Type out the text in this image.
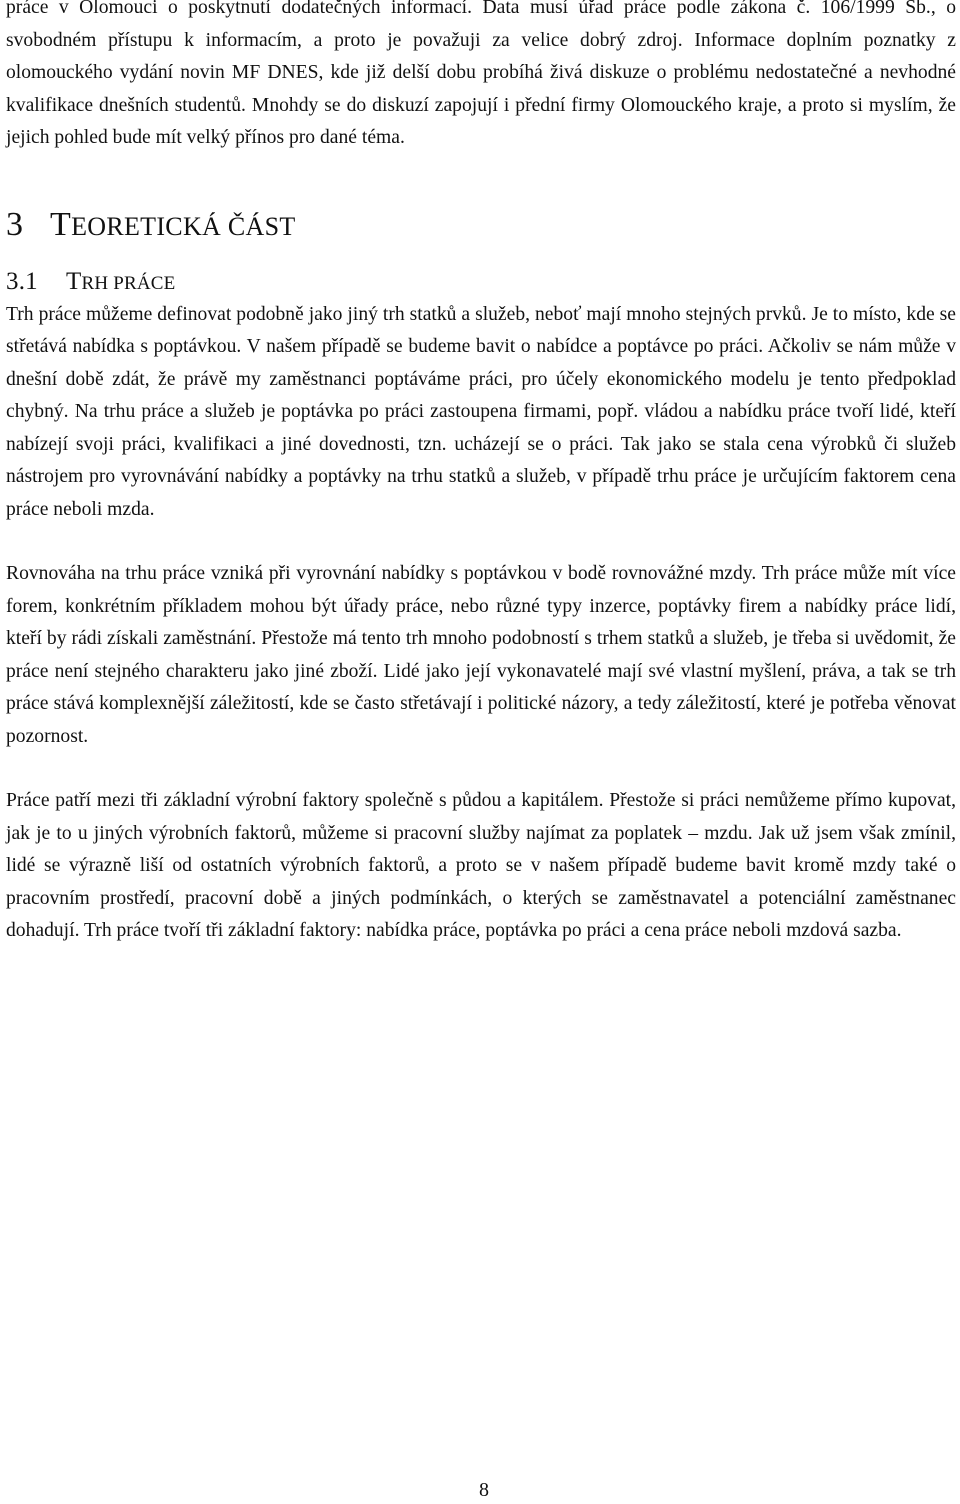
práce v Olomouci o poskytnutí dodatečných informací. Data musí úřad práce podle zákona č. 106/1999 Sb., o svobodném přístupu k informacím, a proto je považuji za velice dobrý zdroj. Informace doplním poznatky z olomouckého vydání novin MF DNES, kde již delší dobu probíhá živá diskuze o problému nedostatečné a nevhodné kvalifikace dnešních studentů. Mnohdy se do diskuzí zapojují i přední firmy Olomouckého kraje, a proto si myslím, že jejich pohled bude mít velký přínos pro dané téma.

3 TEORETICKÁ ČÁST
3.1 TRH PRÁCE

Trh práce můžeme definovat podobně jako jiný trh statků a služeb, neboť mají mnoho stejných prvků. Je to místo, kde se střetává nabídka s poptávkou. V našem případě se budeme bavit o nabídce a poptávce po práci. Ačkoliv se nám může v dnešní době zdát, že právě my zaměstnanci poptáváme práci, pro účely ekonomického modelu je tento předpoklad chybný. Na trhu práce a služeb je poptávka po práci zastoupena firmami, popř. vládou a nabídku práce tvoří lidé, kteří nabízejí svoji práci, kvalifikaci a jiné dovednosti, tzn. ucházejí se o práci. Tak jako se stala cena výrobků či služeb nástrojem pro vyrovnávání nabídky a poptávky na trhu statků a služeb, v případě trhu práce je určujícím faktorem cena práce neboli mzda.

Rovnováha na trhu práce vzniká při vyrovnání nabídky s poptávkou v bodě rovnovážné mzdy. Trh práce může mít více forem, konkrétním příkladem mohou být úřady práce, nebo různé typy inzerce, poptávky firem a nabídky práce lidí, kteří by rádi získali zaměstnání. Přestože má tento trh mnoho podobností s trhem statků a služeb, je třeba si uvědomit, že práce není stejného charakteru jako jiné zboží. Lidé jako její vykonavatelé mají své vlastní myšlení, práva, a tak se trh práce stává komplexnější záležitostí, kde se často střetávají i politické názory, a tedy záležitostí, které je potřeba věnovat pozornost.

Práce patří mezi tři základní výrobní faktory společně s půdou a kapitálem. Přestože si práci nemůžeme přímo kupovat, jak je to u jiných výrobních faktorů, můžeme si pracovní služby najímat za poplatek – mzdu. Jak už jsem však zmínil, lidé se výrazně liší od ostatních výrobních faktorů, a proto se v našem případě budeme bavit kromě mzdy také o pracovním prostředí, pracovní době a jiných podmínkách, o kterých se zaměstnavatel a potenciální zaměstnanec dohadují. Trh práce tvoří tři základní faktory: nabídka práce, poptávka po práci a cena práce neboli mzdová sazba.

8
